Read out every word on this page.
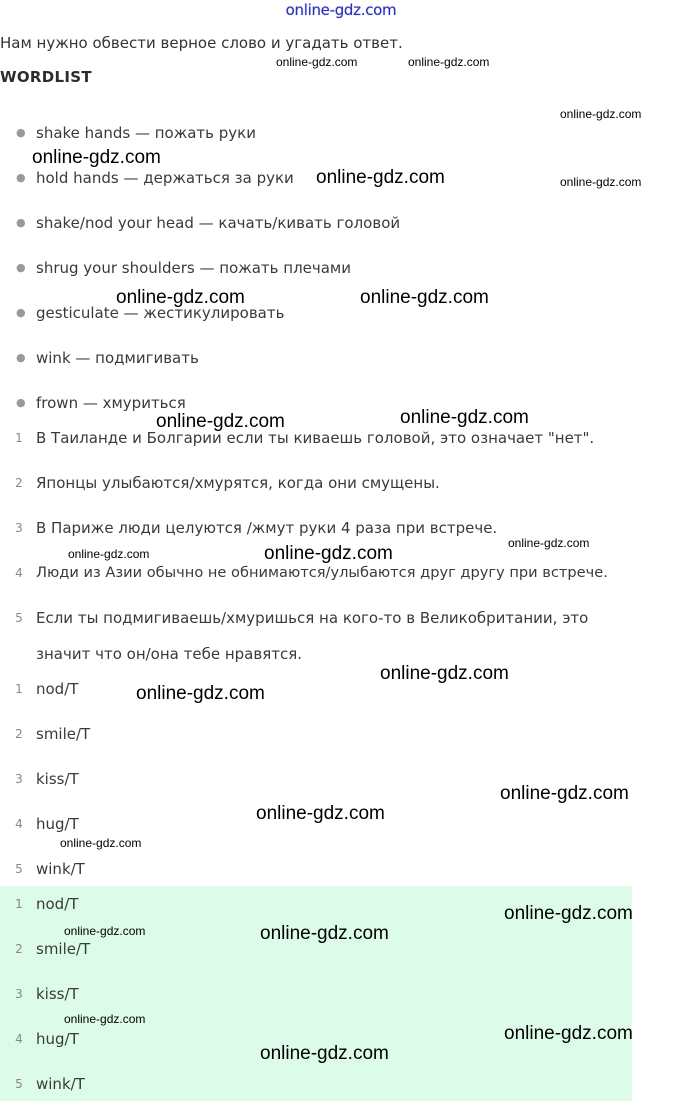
online-gdz.com
Нам нужно обвести верное слово и угадать ответ.
WORDLIST
● shake hands — пожать руки
● hold hands — держаться за руки
● shake/nod your head — качать/кивать головой
● shrug your shoulders — пожать плечами
● gesticulate — жестикулировать
● wink — подмигивать
● frown — хмуриться
1 В Таиланде и Болгарии если ты киваешь головой, это означает "нет".
2 Японцы улыбаются/хмурятся, когда они смущены.
3 В Париже люди целуются /жмут руки 4 раза при встрече.
4 Люди из Азии обычно не обнимаются/улыбаются друг другу при встрече.
5 Если ты подмигиваешь/хмуришься на кого-то в Великобритании, это
значит что он/она тебе нравятся.
1 nod/T
2 smile/T
3 kiss/T
4 hug/T
5 wink/T
1 nod/T
2 smile/T
3 kiss/T
4 hug/T
5 wink/T
online-gdz.com	online-gdz.com
online-gdz.com
online-gdz.com
online-gdz.com	online-gdz.com
online-gdz.com	online-gdz.com
online-gdz.com	online-gdz.com
online-gdz.com
online-gdz.com	online-gdz.com
online-gdz.com
online-gdz.com
online-gdz.com
online-gdz.com
online-gdz.com
online-gdz.com
online-gdz.com	online-gdz.com
online-gdz.com
online-gdz.com
online-gdz.com
